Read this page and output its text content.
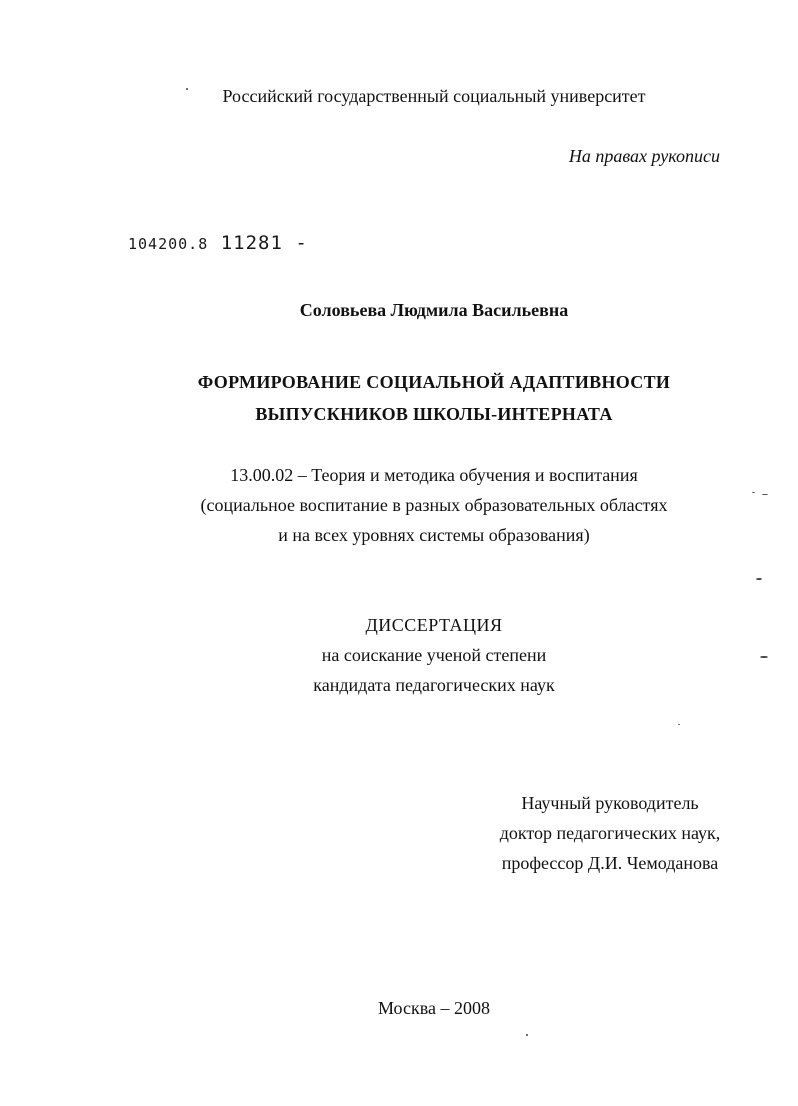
Российский государственный социальный университет
На правах рукописи
104200.8 11281 -
Соловьева Людмила Васильевна
ФОРМИРОВАНИЕ СОЦИАЛЬНОЙ АДАПТИВНОСТИ
ВЫПУСКНИКОВ ШКОЛЫ-ИНТЕРНАТА
13.00.02 – Теория и методика обучения и воспитания
(социальное воспитание в разных образовательных областях
и на всех уровнях системы образования)
ДИССЕРТАЦИЯ
на соискание ученой степени
кандидата педагогических наук
Научный руководитель
доктор педагогических наук,
профессор Д.И. Чемоданова
Москва – 2008
